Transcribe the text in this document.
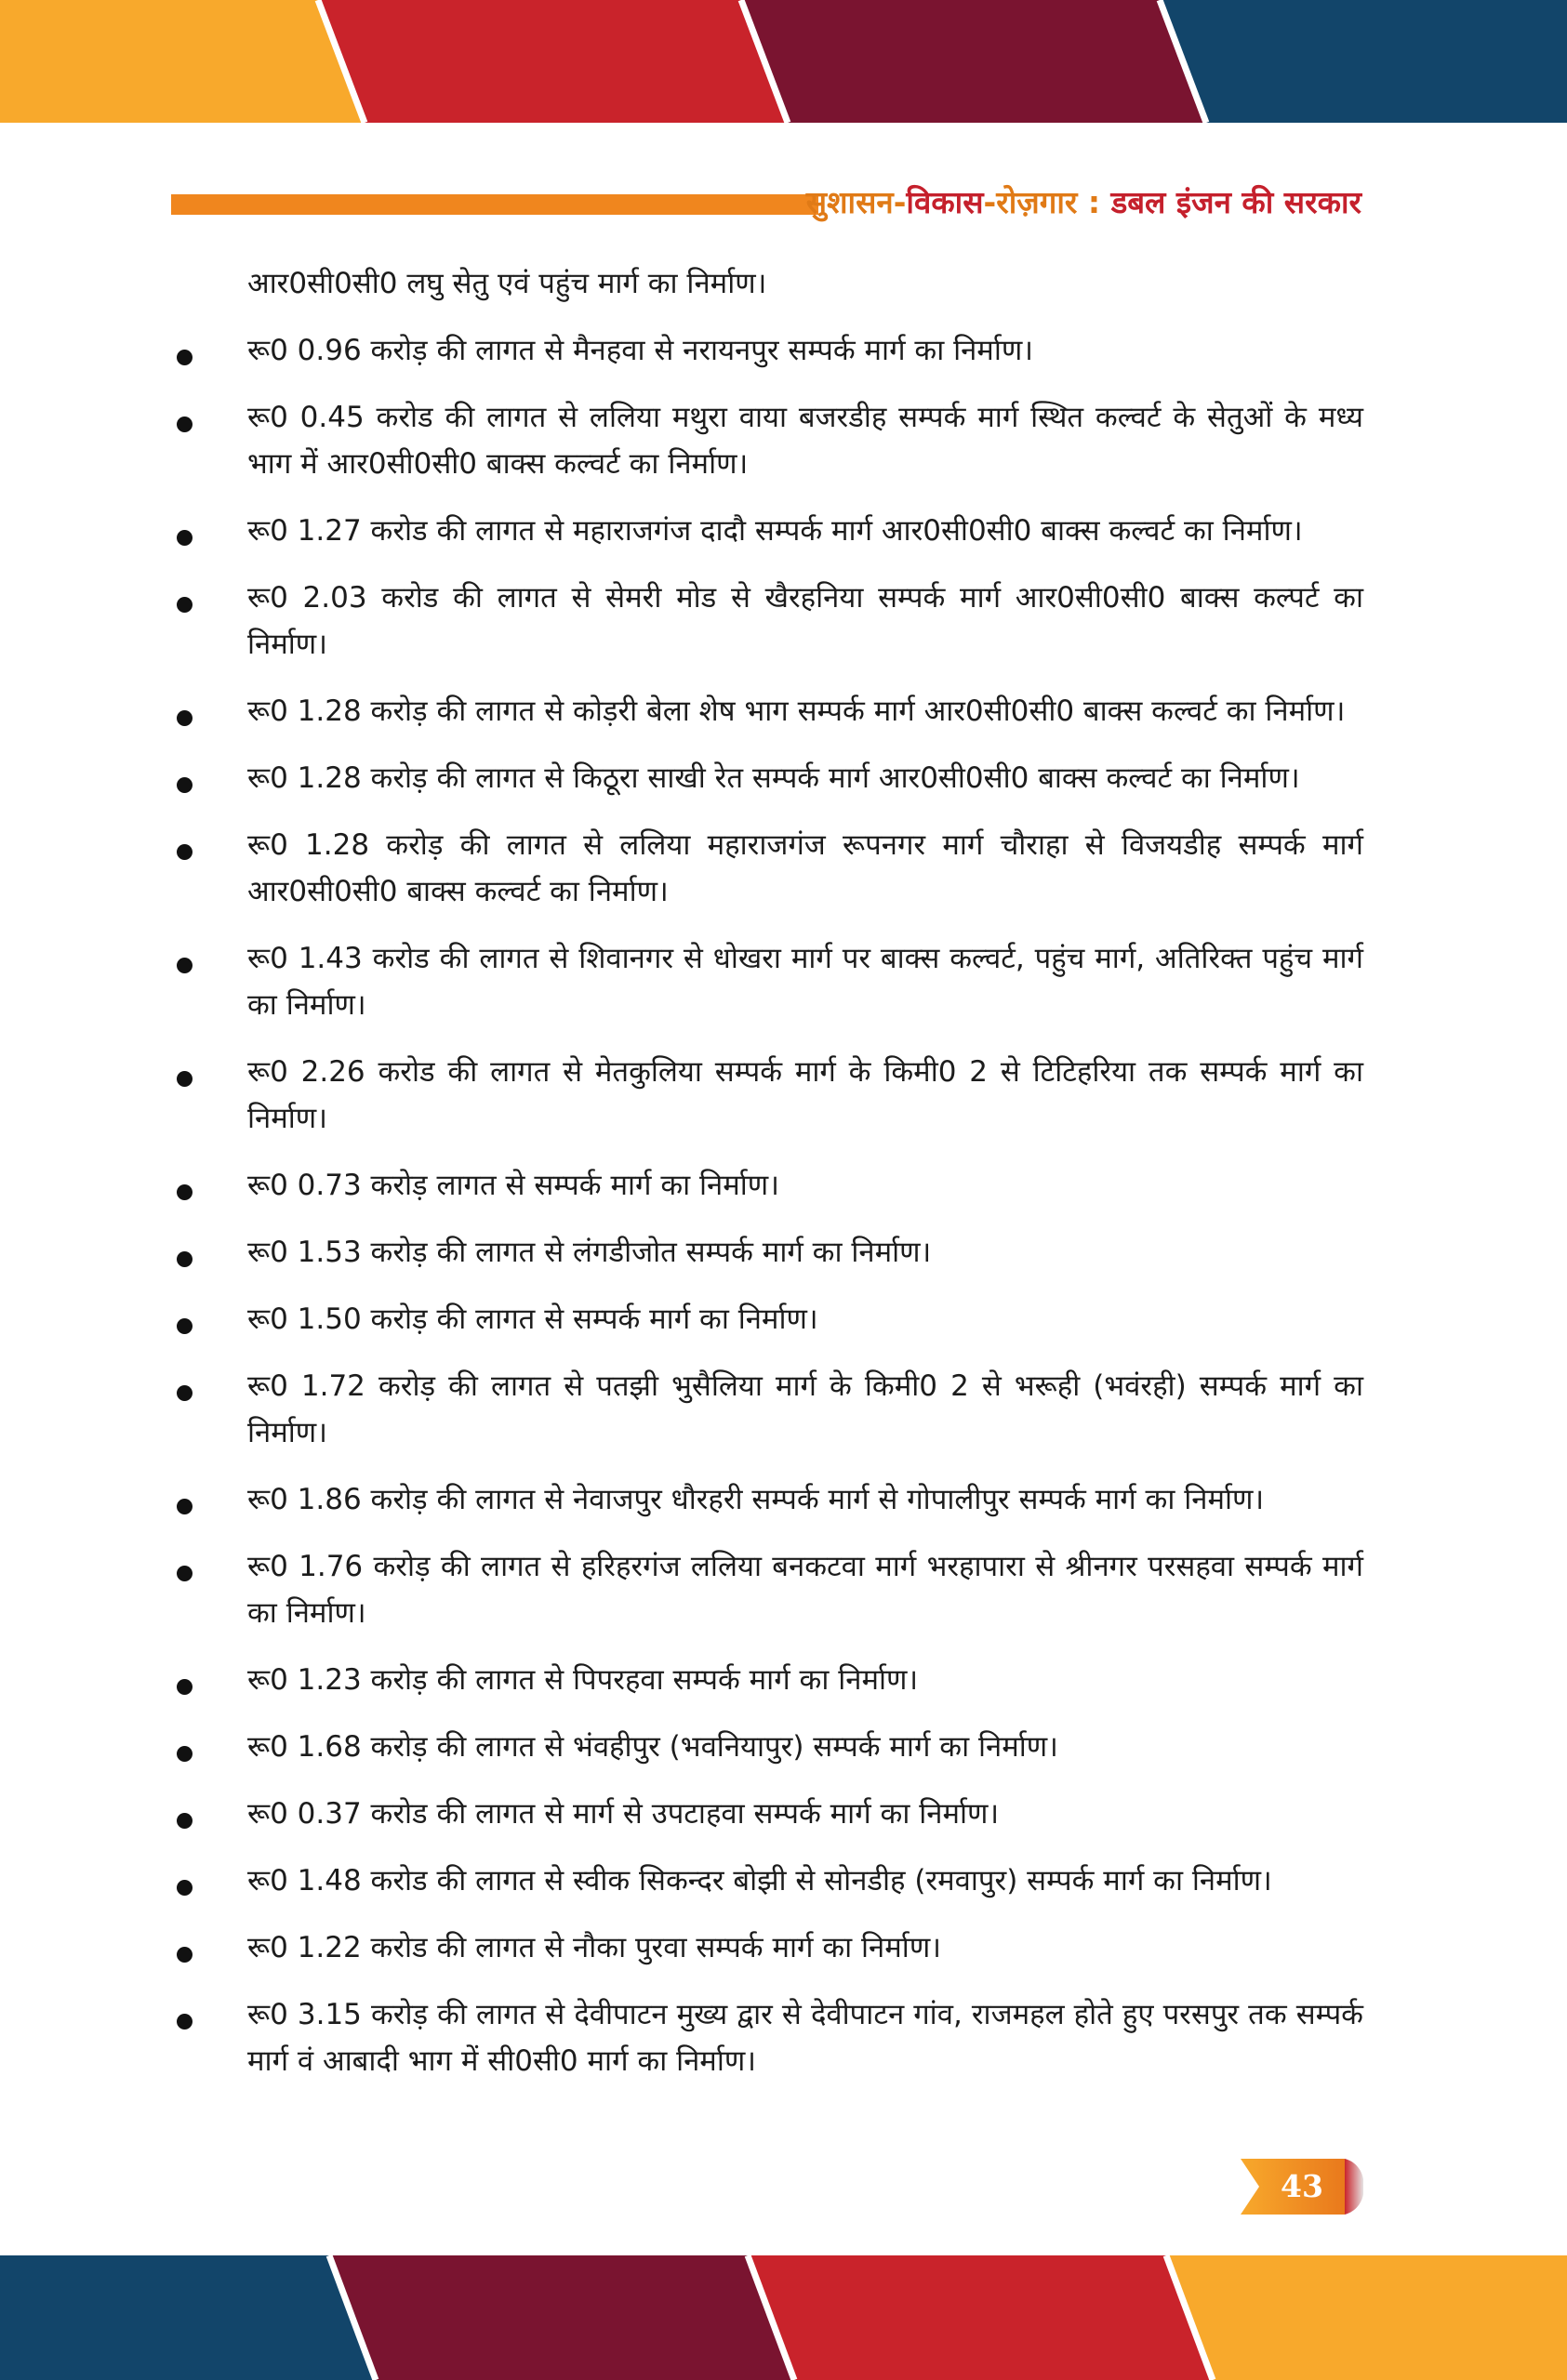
सुशासन-विकास-रोज़गार : डबल इंजन की सरकार

आर0सी0सी0 लघु सेतु एवं पहुंच मार्ग का निर्माण।

रू0 0.96 करोड़ की लागत से मैनहवा से नरायनपुर सम्पर्क मार्ग का निर्माण।
रू0 0.45 करोड की लागत से ललिया मथुरा वाया बजरडीह सम्पर्क मार्ग स्थित कल्वर्ट के सेतुओं के मध्य भाग में आर0सी0सी0 बाक्स कल्वर्ट का निर्माण।
रू0 1.27 करोड की लागत से महाराजगंज दादौ सम्पर्क मार्ग आर0सी0सी0 बाक्स कल्वर्ट का निर्माण।
रू0 2.03 करोड की लागत से सेमरी मोड से खैरहनिया सम्पर्क मार्ग आर0सी0सी0 बाक्स कल्पर्ट का निर्माण।
रू0 1.28 करोड़ की लागत से कोड़री बेला शेष भाग सम्पर्क मार्ग आर0सी0सी0 बाक्स कल्वर्ट का निर्माण।
रू0 1.28 करोड़ की लागत से किठूरा साखी रेत सम्पर्क मार्ग आर0सी0सी0 बाक्स कल्वर्ट का निर्माण।
रू0 1.28 करोड़ की लागत से ललिया महाराजगंज रूपनगर मार्ग चौराहा से विजयडीह सम्पर्क मार्ग आर0सी0सी0 बाक्स कल्वर्ट का निर्माण।
रू0 1.43 करोड की लागत से शिवानगर से धोखरा मार्ग पर बाक्स कल्वर्ट, पहुंच मार्ग, अतिरिक्त पहुंच मार्ग का निर्माण।
रू0 2.26 करोड की लागत से मेतकुलिया सम्पर्क मार्ग के किमी0 2 से टिटिहरिया तक सम्पर्क मार्ग का निर्माण।
रू0 0.73 करोड़ लागत से सम्पर्क मार्ग का निर्माण।
रू0 1.53 करोड़ की लागत से लंगडीजोत सम्पर्क मार्ग का निर्माण।
रू0 1.50 करोड़ की लागत से सम्पर्क मार्ग का निर्माण।
रू0 1.72 करोड़ की लागत से पतझी भुसैलिया मार्ग के किमी0 2 से भरूही (भवंरही) सम्पर्क मार्ग का निर्माण।
रू0 1.86 करोड़ की लागत से नेवाजपुर धौरहरी सम्पर्क मार्ग से गोपालीपुर सम्पर्क मार्ग का निर्माण।
रू0 1.76 करोड़ की लागत से हरिहरगंज ललिया बनकटवा मार्ग भरहापारा से श्रीनगर परसहवा सम्पर्क मार्ग का निर्माण।
रू0 1.23 करोड़ की लागत से पिपरहवा सम्पर्क मार्ग का निर्माण।
रू0 1.68 करोड़ की लागत से भंवहीपुर (भवनियापुर) सम्पर्क मार्ग का निर्माण।
रू0 0.37 करोड की लागत से मार्ग से उपटाहवा सम्पर्क मार्ग का निर्माण।
रू0 1.48 करोड की लागत से स्वीक सिकन्दर बोझी से सोनडीह (रमवापुर) सम्पर्क मार्ग का निर्माण।
रू0 1.22 करोड की लागत से नौका पुरवा सम्पर्क मार्ग का निर्माण।
रू0 3.15 करोड़ की लागत से देवीपाटन मुख्य द्वार से देवीपाटन गांव, राजमहल होते हुए परसपुर तक सम्पर्क मार्ग वं आबादी भाग में सी0सी0 मार्ग का निर्माण।
43
